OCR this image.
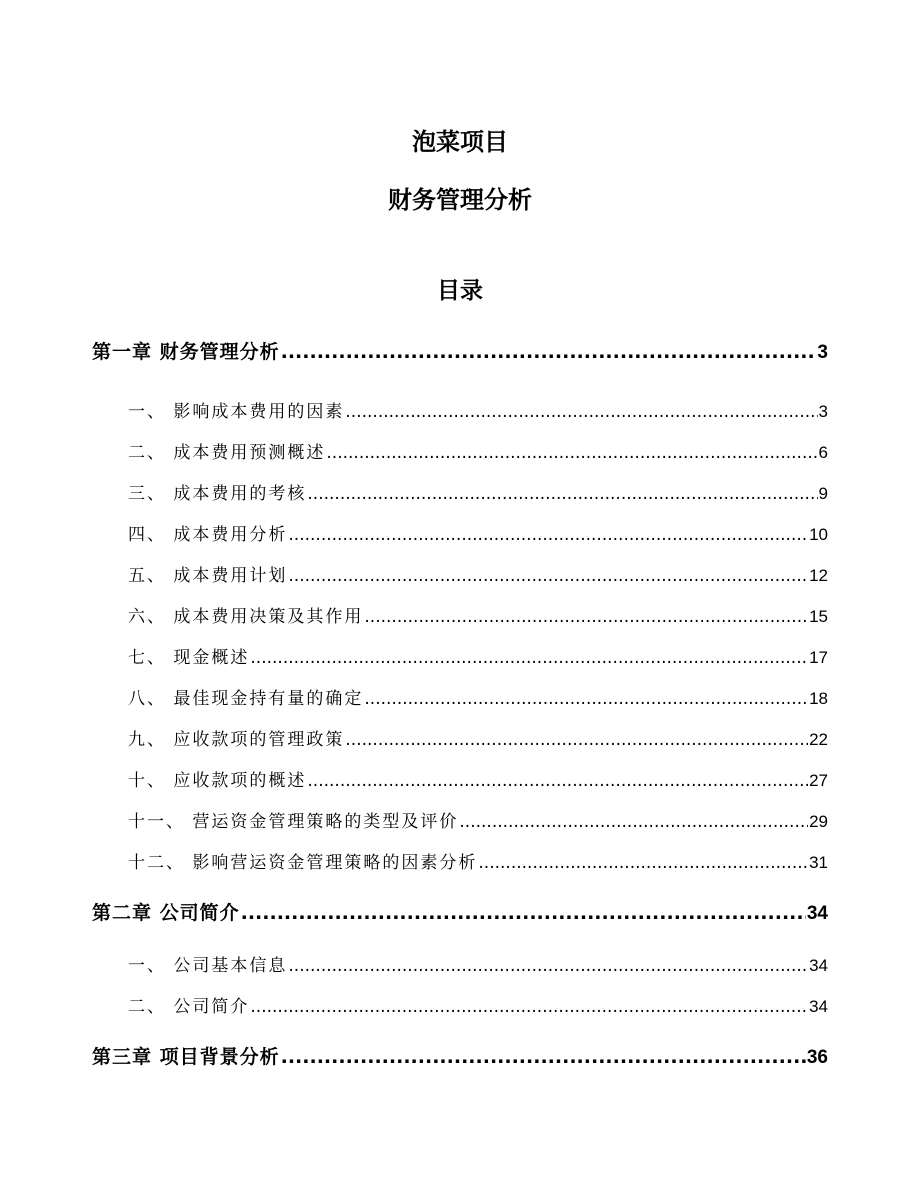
泡菜项目
财务管理分析
目录
第一章 财务管理分析 .....	3
一、 影响成本费用的因素 .....	3
二、 成本费用预测概述 .....	6
三、 成本费用的考核 .....	9
四、 成本费用分析 .....	10
五、 成本费用计划 .....	12
六、 成本费用决策及其作用 .....	15
七、 现金概述 .....	17
八、 最佳现金持有量的确定 .....	18
九、 应收款项的管理政策 .....	22
十、 应收款项的概述 .....	27
十一、 营运资金管理策略的类型及评价 .....	29
十二、 影响营运资金管理策略的因素分析 .....	31
第二章 公司简介 .....	34
一、 公司基本信息 .....	34
二、 公司简介 .....	34
第三章 项目背景分析 .....	36
